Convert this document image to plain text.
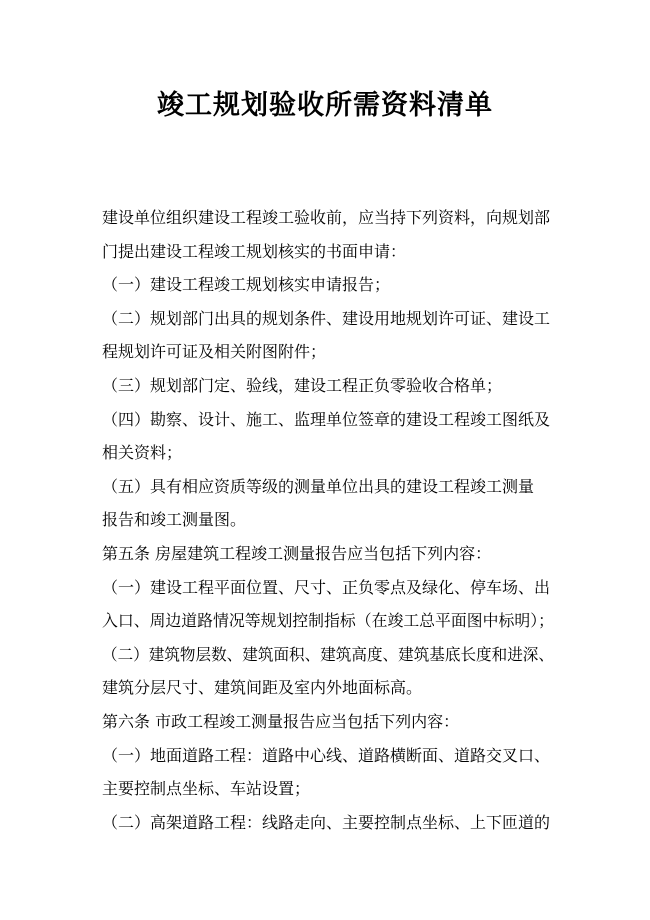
竣工规划验收所需资料清单
建设单位组织建设工程竣工验收前，应当持下列资料，向规划部
门提出建设工程竣工规划核实的书面申请：
（一）建设工程竣工规划核实申请报告；
（二）规划部门出具的规划条件、建设用地规划许可证、建设工
程规划许可证及相关附图附件；
（三）规划部门定、验线，建设工程正负零验收合格单；
（四）勘察、设计、施工、监理单位签章的建设工程竣工图纸及
相关资料；
（五）具有相应资质等级的测量单位出具的建设工程竣工测量
报告和竣工测量图。
第五条 房屋建筑工程竣工测量报告应当包括下列内容：
（一）建设工程平面位置、尺寸、正负零点及绿化、停车场、出
入口、周边道路情况等规划控制指标（在竣工总平面图中标明）；
（二）建筑物层数、建筑面积、建筑高度、建筑基底长度和进深、
建筑分层尺寸、建筑间距及室内外地面标高。
第六条 市政工程竣工测量报告应当包括下列内容：
（一）地面道路工程：道路中心线、道路横断面、道路交叉口、
主要控制点坐标、车站设置；
（二）高架道路工程：线路走向、主要控制点坐标、上下匝道的
